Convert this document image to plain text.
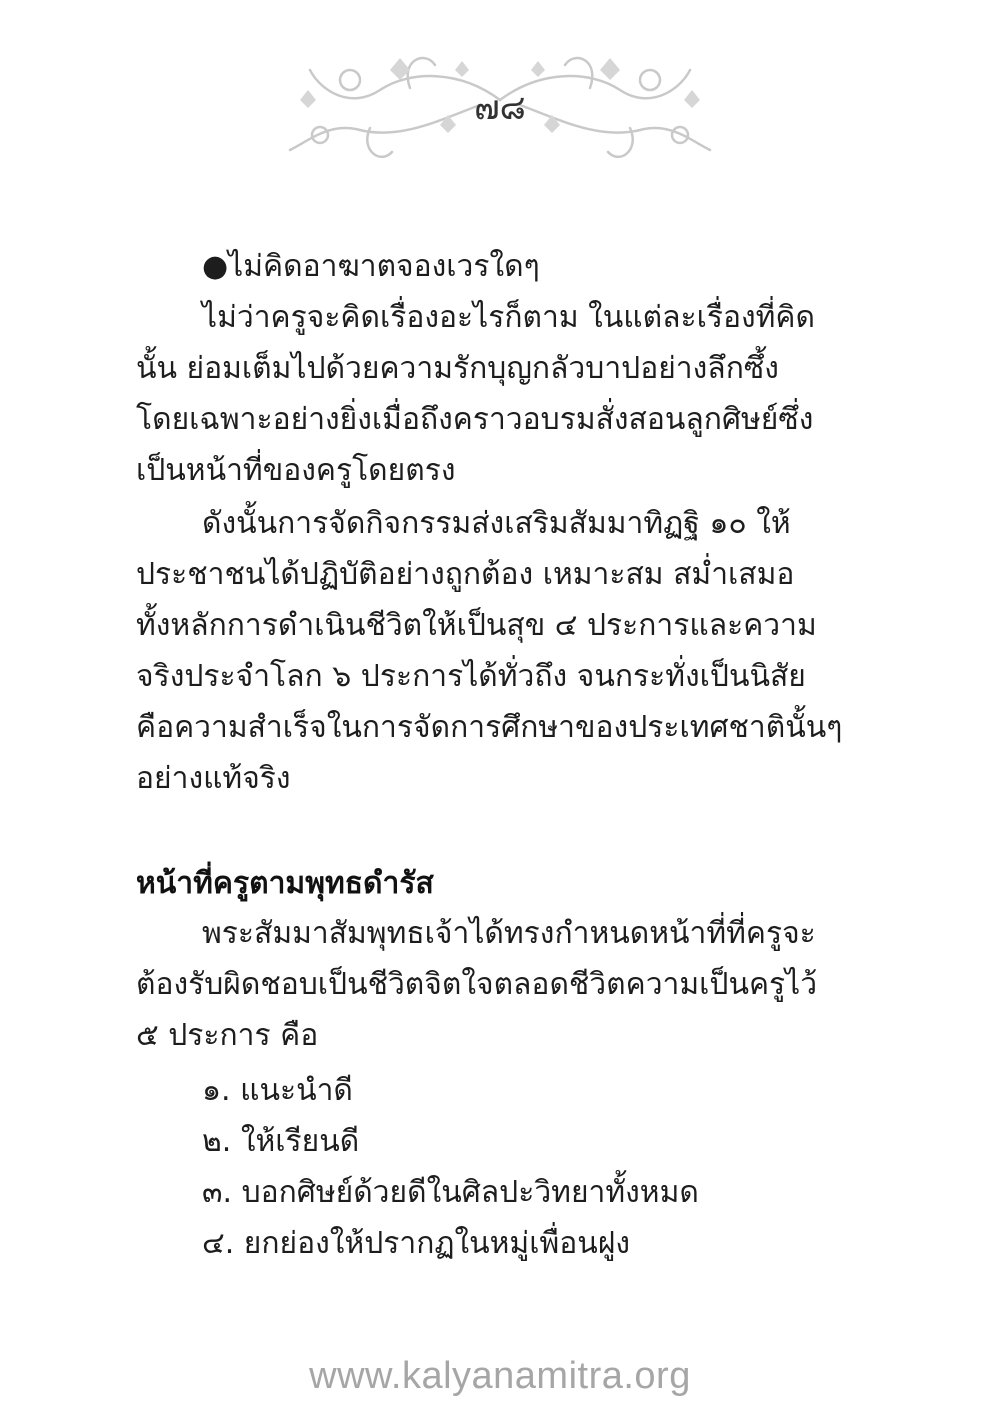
๗๘
●ไม่คิดอาฆาตจองเวรใดๆ
ไม่ว่าครูจะคิดเรื่องอะไรก็ตาม ในแต่ละเรื่องที่คิด
นั้น ย่อมเต็มไปด้วยความรักบุญกลัวบาปอย่างลึกซึ้ง
โดยเฉพาะอย่างยิ่งเมื่อถึงคราวอบรมสั่งสอนลูกศิษย์ซึ่ง
เป็นหน้าที่ของครูโดยตรง
ดังนั้นการจัดกิจกรรมส่งเสริมสัมมาทิฏฐิ ๑๐ ให้
ประชาชนได้ปฏิบัติอย่างถูกต้อง เหมาะสม สม่ำเสมอ
ทั้งหลักการดำเนินชีวิตให้เป็นสุข ๔ ประการและความ
จริงประจำโลก ๖ ประการได้ทั่วถึง จนกระทั่งเป็นนิสัย
คือความสำเร็จในการจัดการศึกษาของประเทศชาตินั้นๆ
อย่างแท้จริง
หน้าที่ครูตามพุทธดำรัส
พระสัมมาสัมพุทธเจ้าได้ทรงกำหนดหน้าที่ที่ครูจะ
ต้องรับผิดชอบเป็นชีวิตจิตใจตลอดชีวิตความเป็นครูไว้
๕ ประการ คือ
๑. แนะนำดี
๒. ให้เรียนดี
๓. บอกศิษย์ด้วยดีในศิลปะวิทยาทั้งหมด
๔. ยกย่องให้ปรากฏในหมู่เพื่อนฝูง
www.kalyanamitra.org
